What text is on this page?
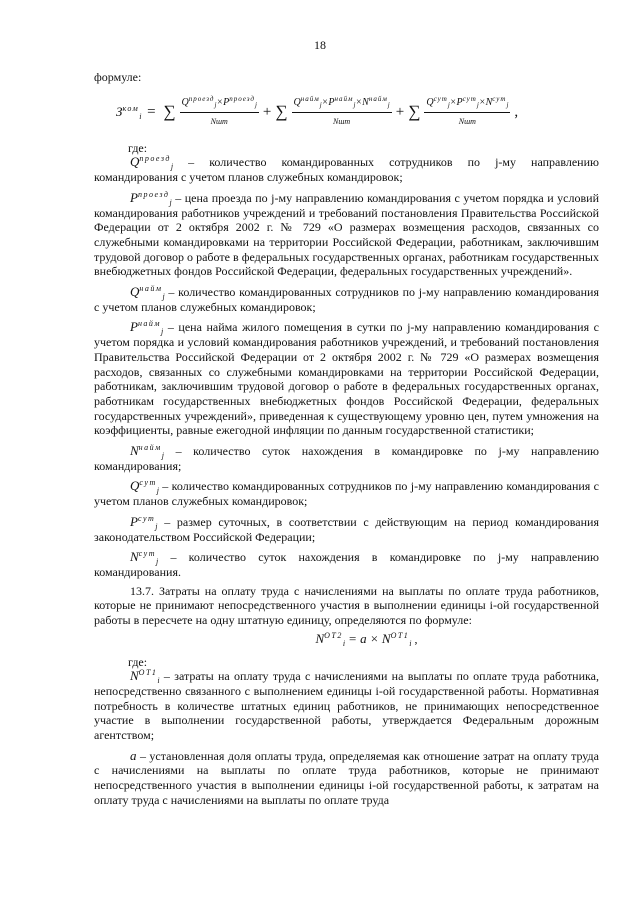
18

формуле:

$З^{ком}_i$ = ∑ $\frac{Q^{проезд}_j\times P^{проезд}_j}{\text{Nшт}}$ + ∑ $\frac{Q^{найм}_j\times P^{найм}_j\times N^{найм}_j}{\text{Nшт}}$ + ∑ $\frac{Q^{сут}_j\times P^{сут}_j\times N^{сут}_j}{\text{Nшт}}$ ,

где:

$Q^{проезд}_j$ – количество командированных сотрудников по j-му направлению командирования с учетом планов служебных командировок;

$P^{проезд}_j$ – цена проезда по j-му направлению командирования с учетом порядка и условий командирования работников учреждений и требований постановления Правительства Российской Федерации от 2 октября 2002 г. № 729 «О размерах возмещения расходов, связанных со служебными командировками на территории Российской Федерации, работникам, заключившим трудовой договор о работе в федеральных государственных органах, работникам государственных внебюджетных фондов Российской Федерации, федеральных государственных учреждений».

$Q^{найм}_j$ – количество командированных сотрудников по j-му направлению командирования с учетом планов служебных командировок;

$P^{найм}_j$ – цена найма жилого помещения в сутки по j-му направлению командирования с учетом порядка и условий командирования работников учреждений, и требований постановления Правительства Российской Федерации от 2 октября 2002 г. № 729 «О размерах возмещения расходов, связанных со служебными командировками на территории Российской Федерации, работникам, заключившим трудовой договор о работе в федеральных государственных органах, работникам государственных внебюджетных фондов Российской Федерации, федеральных государственных учреждений», приведенная к существующему уровню цен, путем умножения на коэффициенты, равные ежегодной инфляции по данным государственной статистики;

$N^{найм}_j$ – количество суток нахождения в командировке по j-му направлению командирования;

$Q^{сут}_j$ – количество командированных сотрудников по j-му направлению командирования с учетом планов служебных командировок;

$P^{сут}_j$ – размер суточных, в соответствии с действующим на период командирования законодательством Российской Федерации;

$N^{сут}_j$ – количество суток нахождения в командировке по j-му направлению командирования.

13.7. Затраты на оплату труда с начислениями на выплаты по оплате труда работников, которые не принимают непосредственного участия в выполнении единицы i-ой государственной работы в пересчете на одну штатную единицу, определяются по формуле:

$N^{ОТ2}_i = a \times N^{ОТ1}_i$ ,

где:

$N^{ОТ1}_i$ – затраты на оплату труда с начислениями на выплаты по оплате труда работника, непосредственно связанного с выполнением единицы i-ой государственной работы. Нормативная потребность в количестве штатных единиц работников, не принимающих непосредственное участие в выполнении государственной работы, утверждается Федеральным дорожным агентством;

a – установленная доля оплаты труда, определяемая как отношение затрат на оплату труда с начислениями на выплаты по оплате труда работников, которые не принимают непосредственного участия в выполнении единицы i-ой государственной работы, к затратам на оплату труда с начислениями на выплаты по оплате труда
